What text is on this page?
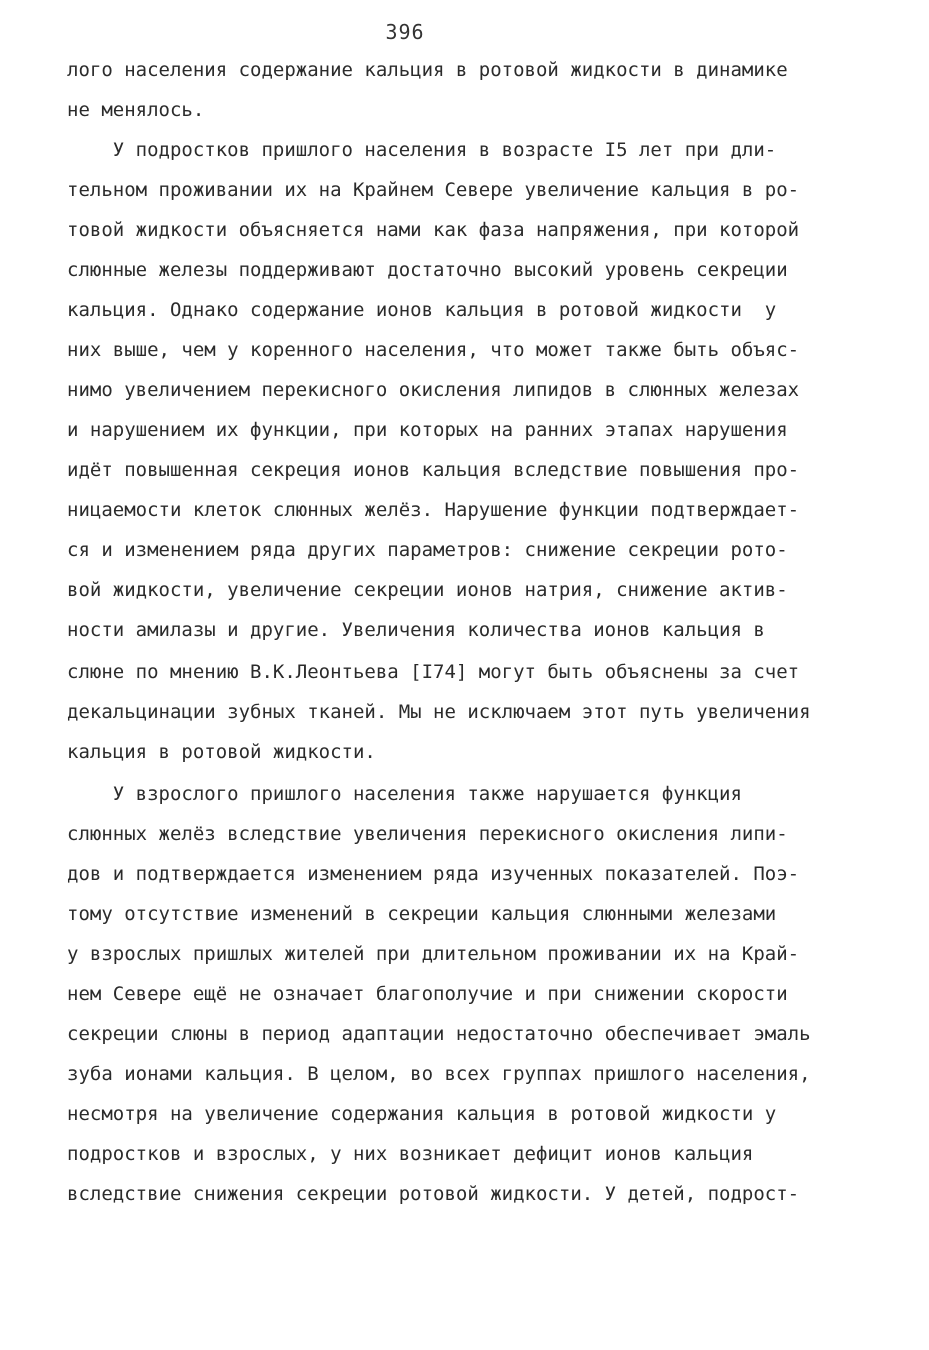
396
лого населения содержание кальция в ротовой жидкости в динамике
не менялось.
У подростков пришлого населения в возрасте I5 лет при дли-
тельном проживании их на Крайнем Севере увеличение кальция в ро-
товой жидкости объясняется нами как фаза напряжения, при которой
слюнные железы поддерживают достаточно высокий уровень секреции
кальция. Однако содержание ионов кальция в ротовой жидкости  у
них выше, чем у коренного населения, что может также быть объяс-
нимо увеличением перекисного окисления липидов в слюнных железах
и нарушением их функции, при которых на ранних этапах нарушения
идёт повышенная секреция ионов кальция вследствие повышения про-
ницаемости клеток слюнных желёз. Нарушение функции подтверждает-
ся и изменением ряда других параметров: снижение секреции рото-
вой жидкости, увеличение секреции ионов натрия, снижение актив-
ности амилазы и другие. Увеличения количества ионов кальция в
слюне по мнению В.К.Леонтьева [I74] могут быть объяснены за счет
декальцинации зубных тканей. Мы не исключаем этот путь увеличения
кальция в ротовой жидкости.
У взрослого пришлого населения также нарушается функция
слюнных желёз вследствие увеличения перекисного окисления липи-
дов и подтверждается изменением ряда изученных показателей. Поэ-
тому отсутствие изменений в секреции кальция слюнными железами
у взрослых пришлых жителей при длительном проживании их на Край-
нем Севере ещё не означает благополучие и при снижении скорости
секреции слюны в период адаптации недостаточно обеспечивает эмаль
зуба ионами кальция. В целом, во всех группах пришлого населения,
несмотря на увеличение содержания кальция в ротовой жидкости у
подростков и взрослых, у них возникает дефицит ионов кальция
вследствие снижения секреции ротовой жидкости. У детей, подрост-
